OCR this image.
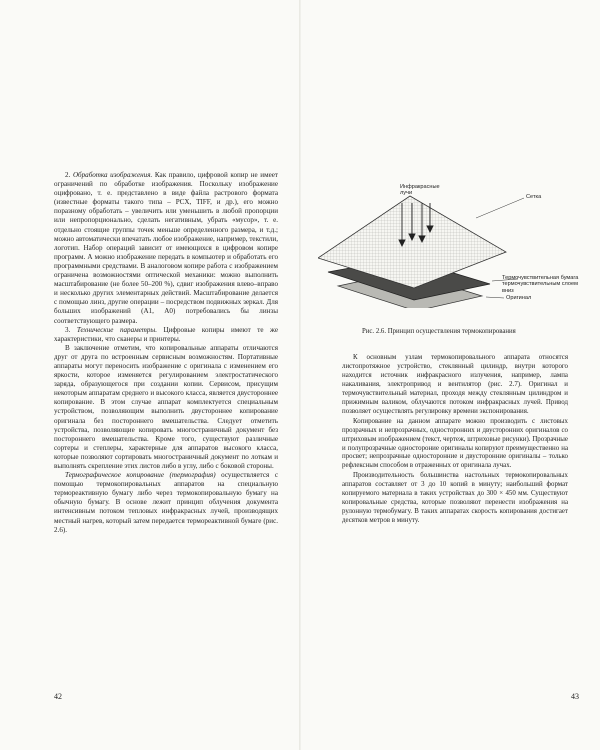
2. Обработка изображения. Как правило, цифровой копир не имеет ограничений по обработке изображения. Поскольку изображение оцифровано, т. е. представлено в виде файла растрового формата (известные форматы такого типа – PCX, TIFF, и др.), его можно поразному обработать – увеличить или уменьшить в любой пропорции или непропорционально, сделать негативным, убрать «мусор», т. е. отдельно стоящие группы точек меньше определенного размера, и т.д.; можно автоматически впечатать любое изображение, например, текстили, логотип. Набор операций зависит от имеющихся в цифровом копире программ. А можно изображение передать в компьютер и обработать его программными средствами. В аналоговом копире работа с изображением ограничена возможностями оптической механики: можно выполнить масштабирование (не более 50–200 %), сдвиг изображения влево–вправо и несколько других элементарных действий. Масштабирование делается с помощью линз, другие операции – посредством подвижных зеркал. Для больших изображений (А1, А0) потребовались бы линзы соответствующего размера.

3. Технические параметры. Цифровые копиры имеют те же характеристики, что сканеры и принтеры.

В заключение отметим, что копировальные аппараты отличаются друг от друга по встроенным сервисным возможностям. Портативные аппараты могут переносить изображение с оригинала с изменением его яркости, которое изменяется регулированием электростатического заряда, образующегося при создании копии. Сервисом, присущим некоторым аппаратам среднего и высокого класса, является двустороннее копирование. В этом случае аппарат комплектуется специальным устройством, позволяющим выполнить двустороннее копирование оригинала без постороннего вмешательства. Следует отметить устройства, позволяющие копировать многостраничный документ без постороннего вмешательства. Кроме того, существуют различные сортеры и степлеры, характерные для аппаратов высокого класса, которые позволяют сортировать многостраничный документ по лоткам и выполнять скрепление этих листов либо в углу, либо с боковой стороны.

Термографическое копирование (термография) осуществляется с помощью термокопировальных аппаратов на специальную термореактивную бумагу либо через термокопировальную бумагу на обычную бумагу. В основе лежит принцип облучения документа интенсивным потоком тепловых инфракрасных лучей, производящих местный нагрев, который затем передается термореактивной бумаге (рис. 2.6).

42
Инфракрасные лучи
Сетка
Термочувствительная бумага
термочувствительным слоем
вниз
Оригинал
Рис. 2.6. Принцип осуществления термокопирования

К основным узлам термокопировального аппарата относятся листопротяжное устройство, стеклянный цилиндр, внутри которого находится источник инфракрасного излучения, например, лампа накаливания, электропривод и вентилятор (рис. 2.7). Оригинал и термочувствительный материал, проходя между стеклянным цилиндром и прижимным валиком, облучаются потоком инфракрасных лучей. Привод позволяет осуществлять регулировку времени экспонирования.

Копирование на данном аппарате можно производить с листовых прозрачных и непрозрачных, односторонних и двусторонних оригиналов со штриховым изображением (текст, чертеж, штриховые рисунки). Прозрачные и полупрозрачные одностороние оригиналы копируют преимущественно на просвет; непрозрачные односторонние и двусторонние оригиналы – только рефлексным способом в отраженных от оригинала лучах.

Производительность большинства настольных термокопировальных аппаратов составляет от 3 до 10 копий в минуту; наибольший формат копируемого материала в таких устройствах до 300 × 450 мм. Существуют копировальные средства, которые позволяют перенести изображения на рулонную термобумагу. В таких аппаратах скорость копирования достигает десятков метров в минуту.

43
